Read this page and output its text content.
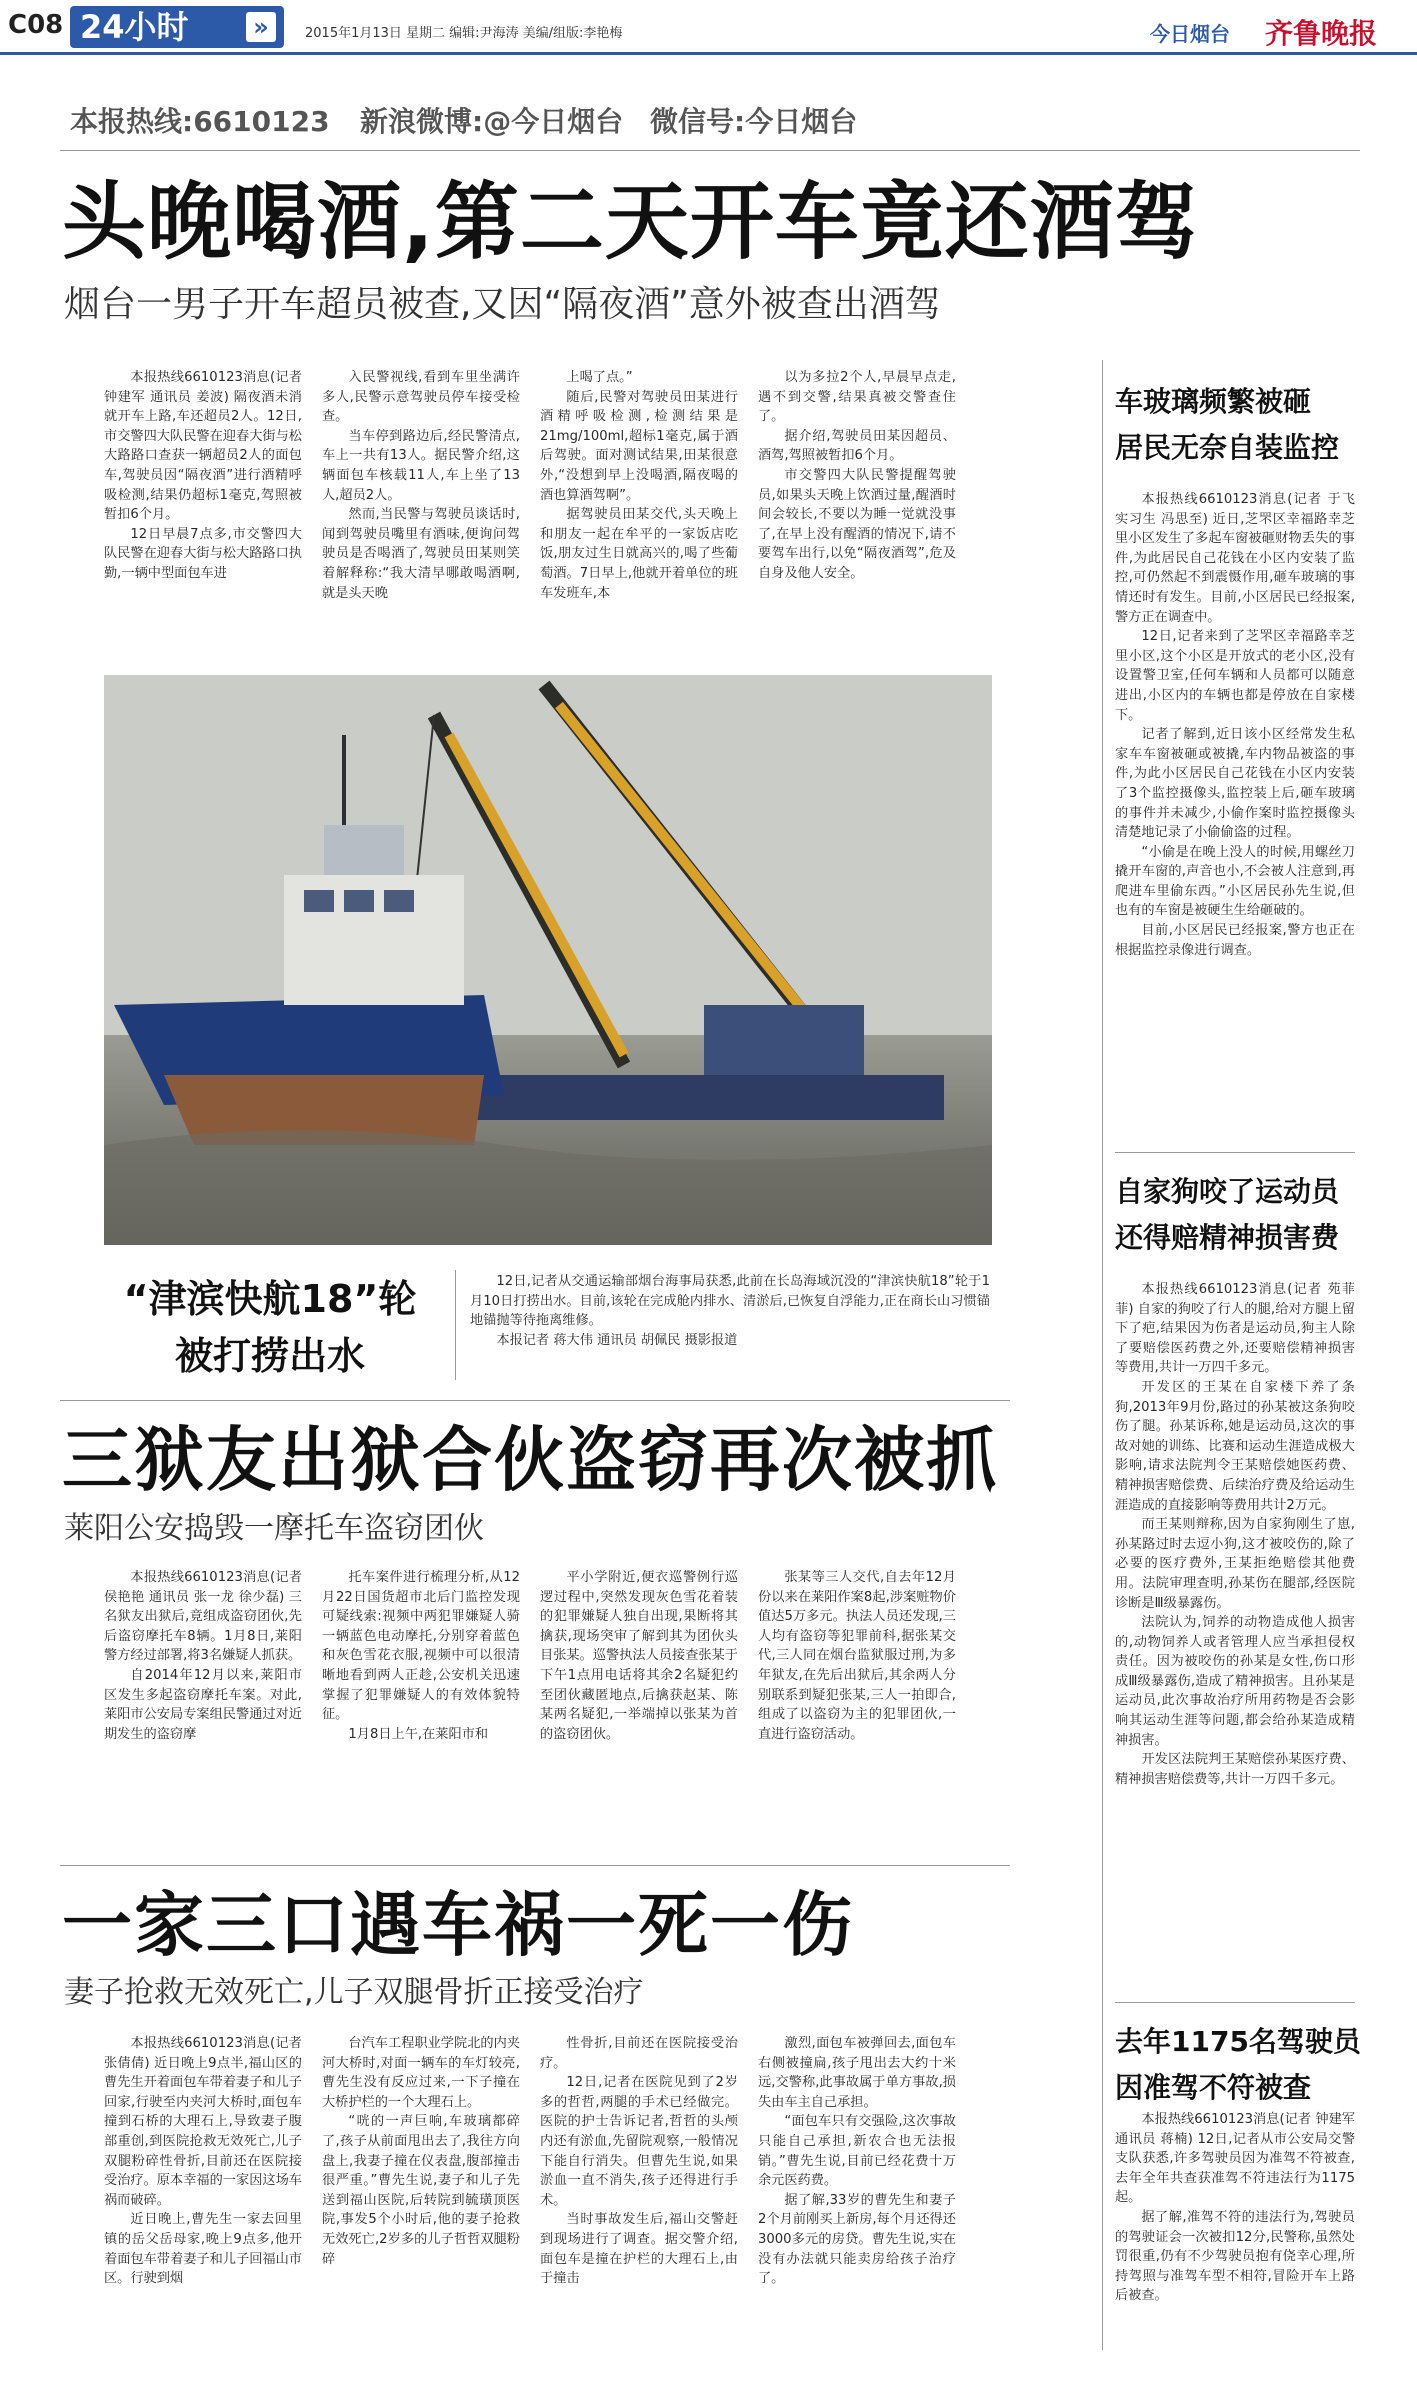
C08 24小时	»	2015年1月13日 星期二 编辑:尹海涛 美编/组版:李艳梅	今日烟台 齐鲁晚报
本报热线:6610123 新浪微博:@今日烟台 微信号:今日烟台
头晚喝酒,第二天开车竟还酒驾
烟台一男子开车超员被查,又因“隔夜酒”意外被查出酒驾

本报热线6610123消息(记者 钟建军 通讯员 姜波) 隔夜酒未消就开车上路,车还超员2人。12日,市交警四大队民警在迎春大街与松大路路口查获一辆超员2人的面包车,驾驶员因“隔夜酒”进行酒精呼吸检测,结果仍超标1毫克,驾照被暂扣6个月。

12日早晨7点多,市交警四大队民警在迎春大街与松大路路口执勤,一辆中型面包车进

入民警视线,看到车里坐满许多人,民警示意驾驶员停车接受检查。

当车停到路边后,经民警清点,车上一共有13人。据民警介绍,这辆面包车核载11人,车上坐了13人,超员2人。

然而,当民警与驾驶员谈话时,闻到驾驶员嘴里有酒味,便询问驾驶员是否喝酒了,驾驶员田某则笑着解释称:“我大清早哪敢喝酒啊,就是头天晚

上喝了点。”

随后,民警对驾驶员田某进行酒精呼吸检测,检测结果是21mg/100ml,超标1毫克,属于酒后驾驶。面对测试结果,田某很意外,“没想到早上没喝酒,隔夜喝的酒也算酒驾啊”。

据驾驶员田某交代,头天晚上和朋友一起在牟平的一家饭店吃饭,朋友过生日就高兴的,喝了些葡萄酒。7日早上,他就开着单位的班车发班车,本

以为多拉2个人,早晨早点走,遇不到交警,结果真被交警查住了。

据介绍,驾驶员田某因超员、酒驾,驾照被暂扣6个月。

市交警四大队民警提醒驾驶员,如果头天晚上饮酒过量,醒酒时间会较长,不要以为睡一觉就没事了,在早上没有醒酒的情况下,请不要驾车出行,以免“隔夜酒驾”,危及自身及他人安全。

“津滨快航18”轮
被打捞出水

12日,记者从交通运输部烟台海事局获悉,此前在长岛海域沉没的“津滨快航18”轮于1月10日打捞出水。目前,该轮在完成舱内排水、清淤后,已恢复自浮能力,正在商长山习惯锚地锚抛等待拖离维修。

本报记者 蒋大伟 通讯员 胡佩民 摄影报道

三狱友出狱合伙盗窃再次被抓
莱阳公安捣毁一摩托车盗窃团伙

本报热线6610123消息(记者 侯艳艳 通讯员 张一龙 徐少磊) 三名狱友出狱后,竟组成盗窃团伙,先后盗窃摩托车8辆。1月8日,莱阳警方经过部署,将3名嫌疑人抓获。

自2014年12月以来,莱阳市区发生多起盗窃摩托车案。对此,莱阳市公安局专案组民警通过对近期发生的盗窃摩

托车案件进行梳理分析,从12月22日国货超市北后门监控发现可疑线索:视频中两犯罪嫌疑人骑一辆蓝色电动摩托,分别穿着蓝色和灰色雪花衣服,视频中可以很清晰地看到两人正趁,公安机关迅速掌握了犯罪嫌疑人的有效体貌特征。

1月8日上午,在莱阳市和

平小学附近,便衣巡警例行巡逻过程中,突然发现灰色雪花着装的犯罪嫌疑人独自出现,果断将其擒获,现场突审了解到其为团伙头目张某。巡警执法人员接查张某于下午1点用电话将其余2名疑犯约至团伙藏匿地点,后擒获赵某、陈某两名疑犯,一举端掉以张某为首的盗窃团伙。

张某等三人交代,自去年12月份以来在莱阳作案8起,涉案赃物价值达5万多元。执法人员还发现,三人均有盗窃等犯罪前科,据张某交代,三人同在烟台监狱服过刑,为多年狱友,在先后出狱后,其余两人分别联系到疑犯张某,三人一拍即合,组成了以盗窃为主的犯罪团伙,一直进行盗窃活动。

一家三口遇车祸一死一伤
妻子抢救无效死亡,儿子双腿骨折正接受治疗

本报热线6610123消息(记者 张倩倩) 近日晚上9点半,福山区的曹先生开着面包车带着妻子和儿子回家,行驶至内夹河大桥时,面包车撞到石桥的大理石上,导致妻子腹部重创,到医院抢救无效死亡,儿子双腿粉碎性骨折,目前还在医院接受治疗。原本幸福的一家因这场车祸而破碎。

近日晚上,曹先生一家去回里镇的岳父岳母家,晚上9点多,他开着面包车带着妻子和儿子回福山市区。行驶到烟

台汽车工程职业学院北的内夹河大桥时,对面一辆车的车灯较亮,曹先生没有反应过来,一下子撞在大桥护栏的一个大理石上。

“咣的一声巨响,车玻璃都碎了,孩子从前面甩出去了,我往方向盘上,我妻子撞在仪表盘,腹部撞击很严重。”曹先生说,妻子和儿子先送到福山医院,后转院到毓璜顶医院,事发5个小时后,他的妻子抢救无效死亡,2岁多的儿子哲哲双腿粉碎

性骨折,目前还在医院接受治疗。

12日,记者在医院见到了2岁多的哲哲,两腿的手术已经做完。医院的护士告诉记者,哲哲的头颅内还有淤血,先留院观察,一般情况下能自行消失。但曹先生说,如果淤血一直不消失,孩子还得进行手术。

当时事故发生后,福山交警赶到现场进行了调查。据交警介绍,面包车是撞在护栏的大理石上,由于撞击

激烈,面包车被弹回去,面包车右侧被撞扁,孩子甩出去大约十米远,交警称,此事故属于单方事故,损失由车主自己承担。

“面包车只有交强险,这次事故只能自己承担,新农合也无法报销。”曹先生说,目前已经花费十万余元医药费。

据了解,33岁的曹先生和妻子2个月前刚买上新房,每个月还得还3000多元的房贷。曹先生说,实在没有办法就只能卖房给孩子治疗了。

车玻璃频繁被砸
居民无奈自装监控

本报热线6610123消息(记者 于飞 实习生 冯思至) 近日,芝罘区幸福路幸芝里小区发生了多起车窗被砸财物丢失的事件,为此居民自己花钱在小区内安装了监控,可仍然起不到震慑作用,砸车玻璃的事情还时有发生。目前,小区居民已经报案,警方正在调查中。

12日,记者来到了芝罘区幸福路幸芝里小区,这个小区是开放式的老小区,没有设置警卫室,任何车辆和人员都可以随意进出,小区内的车辆也都是停放在自家楼下。

记者了解到,近日该小区经常发生私家车车窗被砸或被撬,车内物品被盗的事件,为此小区居民自己花钱在小区内安装了3个监控摄像头,监控装上后,砸车玻璃的事件并未减少,小偷作案时监控摄像头清楚地记录了小偷偷盗的过程。

“小偷是在晚上没人的时候,用螺丝刀撬开车窗的,声音也小,不会被人注意到,再爬进车里偷东西。”小区居民孙先生说,但也有的车窗是被硬生生给砸破的。

目前,小区居民已经报案,警方也正在根据监控录像进行调查。

自家狗咬了运动员
还得赔精神损害费

本报热线6610123消息(记者 苑菲菲) 自家的狗咬了行人的腿,给对方腿上留下了疤,结果因为伤者是运动员,狗主人除了要赔偿医药费之外,还要赔偿精神损害等费用,共计一万四千多元。

开发区的王某在自家楼下养了条狗,2013年9月份,路过的孙某被这条狗咬伤了腿。孙某诉称,她是运动员,这次的事故对她的训练、比赛和运动生涯造成极大影响,请求法院判令王某赔偿她医药费、精神损害赔偿费、后续治疗费及给运动生涯造成的直接影响等费用共计2万元。

而王某则辩称,因为自家狗刚生了崽,孙某路过时去逗小狗,这才被咬伤的,除了必要的医疗费外,王某拒绝赔偿其他费用。法院审理查明,孙某伤在腿部,经医院诊断是Ⅲ级暴露伤。

法院认为,饲养的动物造成他人损害的,动物饲养人或者管理人应当承担侵权责任。因为被咬伤的孙某是女性,伤口形成Ⅲ级暴露伤,造成了精神损害。且孙某是运动员,此次事故治疗所用药物是否会影响其运动生涯等问题,都会给孙某造成精神损害。

开发区法院判王某赔偿孙某医疗费、精神损害赔偿费等,共计一万四千多元。

去年1175名驾驶员
因准驾不符被查

本报热线6610123消息(记者 钟建军 通讯员 蒋楠) 12日,记者从市公安局交警支队获悉,许多驾驶员因为准驾不符被查,去年全年共查获准驾不符违法行为1175起。

据了解,准驾不符的违法行为,驾驶员的驾驶证会一次被扣12分,民警称,虽然处罚很重,仍有不少驾驶员抱有侥幸心理,所持驾照与准驾车型不相符,冒险开车上路后被查。
